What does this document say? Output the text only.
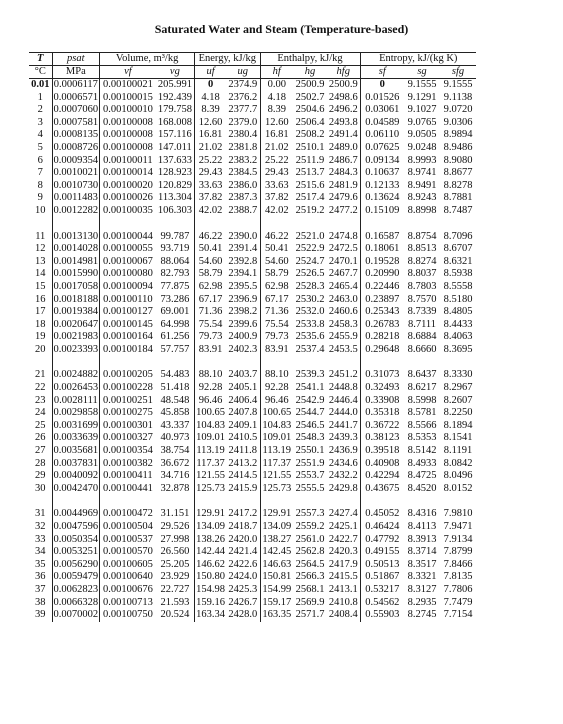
Saturated Water and Steam (Temperature-based)
T	psat	Volume, m³/kg		Energy, kJ/kg		Enthalpy, kJ/kg			Entropy, kJ/(kg K)		
°C	MPa	vf	vg	uf	ug	hf	hg	hfg	sf	sg	sfg
0.01	0.0006117	0.00100021	205.991	0	2374.9	0.00	2500.9	2500.9	0	9.1555	9.1555
1	0.0006571	0.00100015	192.439	4.18	2376.2	4.18	2502.7	2498.6	0.01526	9.1291	9.1138
2	0.0007060	0.00100010	179.758	8.39	2377.7	8.39	2504.6	2496.2	0.03061	9.1027	9.0720
3	0.0007581	0.00100008	168.008	12.60	2379.0	12.60	2506.4	2493.8	0.04589	9.0765	9.0306
4	0.0008135	0.00100008	157.116	16.81	2380.4	16.81	2508.2	2491.4	0.06110	9.0505	8.9894
5	0.0008726	0.00100008	147.011	21.02	2381.8	21.02	2510.1	2489.0	0.07625	9.0248	8.9486
6	0.0009354	0.00100011	137.633	25.22	2383.2	25.22	2511.9	2486.7	0.09134	8.9993	8.9080
7	0.0010021	0.00100014	128.923	29.43	2384.5	29.43	2513.7	2484.3	0.10637	8.9741	8.8677
8	0.0010730	0.00100020	120.829	33.63	2386.0	33.63	2515.6	2481.9	0.12133	8.9491	8.8278
9	0.0011483	0.00100026	113.304	37.82	2387.3	37.82	2517.4	2479.6	0.13624	8.9243	8.7881
10	0.0012282	0.00100035	106.303	42.02	2388.7	42.02	2519.2	2477.2	0.15109	8.8998	8.7487

11	0.0013130	0.00100044	99.787	46.22	2390.0	46.22	2521.0	2474.8	0.16587	8.8754	8.7096
12	0.0014028	0.00100055	93.719	50.41	2391.4	50.41	2522.9	2472.5	0.18061	8.8513	8.6707
13	0.0014981	0.00100067	88.064	54.60	2392.8	54.60	2524.7	2470.1	0.19528	8.8274	8.6321
14	0.0015990	0.00100080	82.793	58.79	2394.1	58.79	2526.5	2467.7	0.20990	8.8037	8.5938
15	0.0017058	0.00100094	77.875	62.98	2395.5	62.98	2528.3	2465.4	0.22446	8.7803	8.5558
16	0.0018188	0.00100110	73.286	67.17	2396.9	67.17	2530.2	2463.0	0.23897	8.7570	8.5180
17	0.0019384	0.00100127	69.001	71.36	2398.2	71.36	2532.0	2460.6	0.25343	8.7339	8.4805
18	0.0020647	0.00100145	64.998	75.54	2399.6	75.54	2533.8	2458.3	0.26783	8.7111	8.4433
19	0.0021983	0.00100164	61.256	79.73	2400.9	79.73	2535.6	2455.9	0.28218	8.6884	8.4063
20	0.0023393	0.00100184	57.757	83.91	2402.3	83.91	2537.4	2453.5	0.29648	8.6660	8.3695

21	0.0024882	0.00100205	54.483	88.10	2403.7	88.10	2539.3	2451.2	0.31073	8.6437	8.3330
22	0.0026453	0.00100228	51.418	92.28	2405.1	92.28	2541.1	2448.8	0.32493	8.6217	8.2967
23	0.0028111	0.00100251	48.548	96.46	2406.4	96.46	2542.9	2446.4	0.33908	8.5998	8.2607
24	0.0029858	0.00100275	45.858	100.65	2407.8	100.65	2544.7	2444.0	0.35318	8.5781	8.2250
25	0.0031699	0.00100301	43.337	104.83	2409.1	104.83	2546.5	2441.7	0.36722	8.5566	8.1894
26	0.0033639	0.00100327	40.973	109.01	2410.5	109.01	2548.3	2439.3	0.38123	8.5353	8.1541
27	0.0035681	0.00100354	38.754	113.19	2411.8	113.19	2550.1	2436.9	0.39518	8.5142	8.1191
28	0.0037831	0.00100382	36.672	117.37	2413.2	117.37	2551.9	2434.6	0.40908	8.4933	8.0842
29	0.0040092	0.00100411	34.716	121.55	2414.5	121.55	2553.7	2432.2	0.42294	8.4725	8.0496
30	0.0042470	0.00100441	32.878	125.73	2415.9	125.73	2555.5	2429.8	0.43675	8.4520	8.0152

31	0.0044969	0.00100472	31.151	129.91	2417.2	129.91	2557.3	2427.4	0.45052	8.4316	7.9810
32	0.0047596	0.00100504	29.526	134.09	2418.7	134.09	2559.2	2425.1	0.46424	8.4113	7.9471
33	0.0050354	0.00100537	27.998	138.26	2420.0	138.27	2561.0	2422.7	0.47792	8.3913	7.9134
34	0.0053251	0.00100570	26.560	142.44	2421.4	142.45	2562.8	2420.3	0.49155	8.3714	7.8799
35	0.0056290	0.00100605	25.205	146.62	2422.6	146.63	2564.5	2417.9	0.50513	8.3517	7.8466
36	0.0059479	0.00100640	23.929	150.80	2424.0	150.81	2566.3	2415.5	0.51867	8.3321	7.8135
37	0.0062823	0.00100676	22.727	154.98	2425.3	154.99	2568.1	2413.1	0.53217	8.3127	7.7806
38	0.0066328	0.00100713	21.593	159.16	2426.7	159.17	2569.9	2410.8	0.54562	8.2935	7.7479
39	0.0070002	0.00100750	20.524	163.34	2428.0	163.35	2571.7	2408.4	0.55903	8.2745	7.7154
